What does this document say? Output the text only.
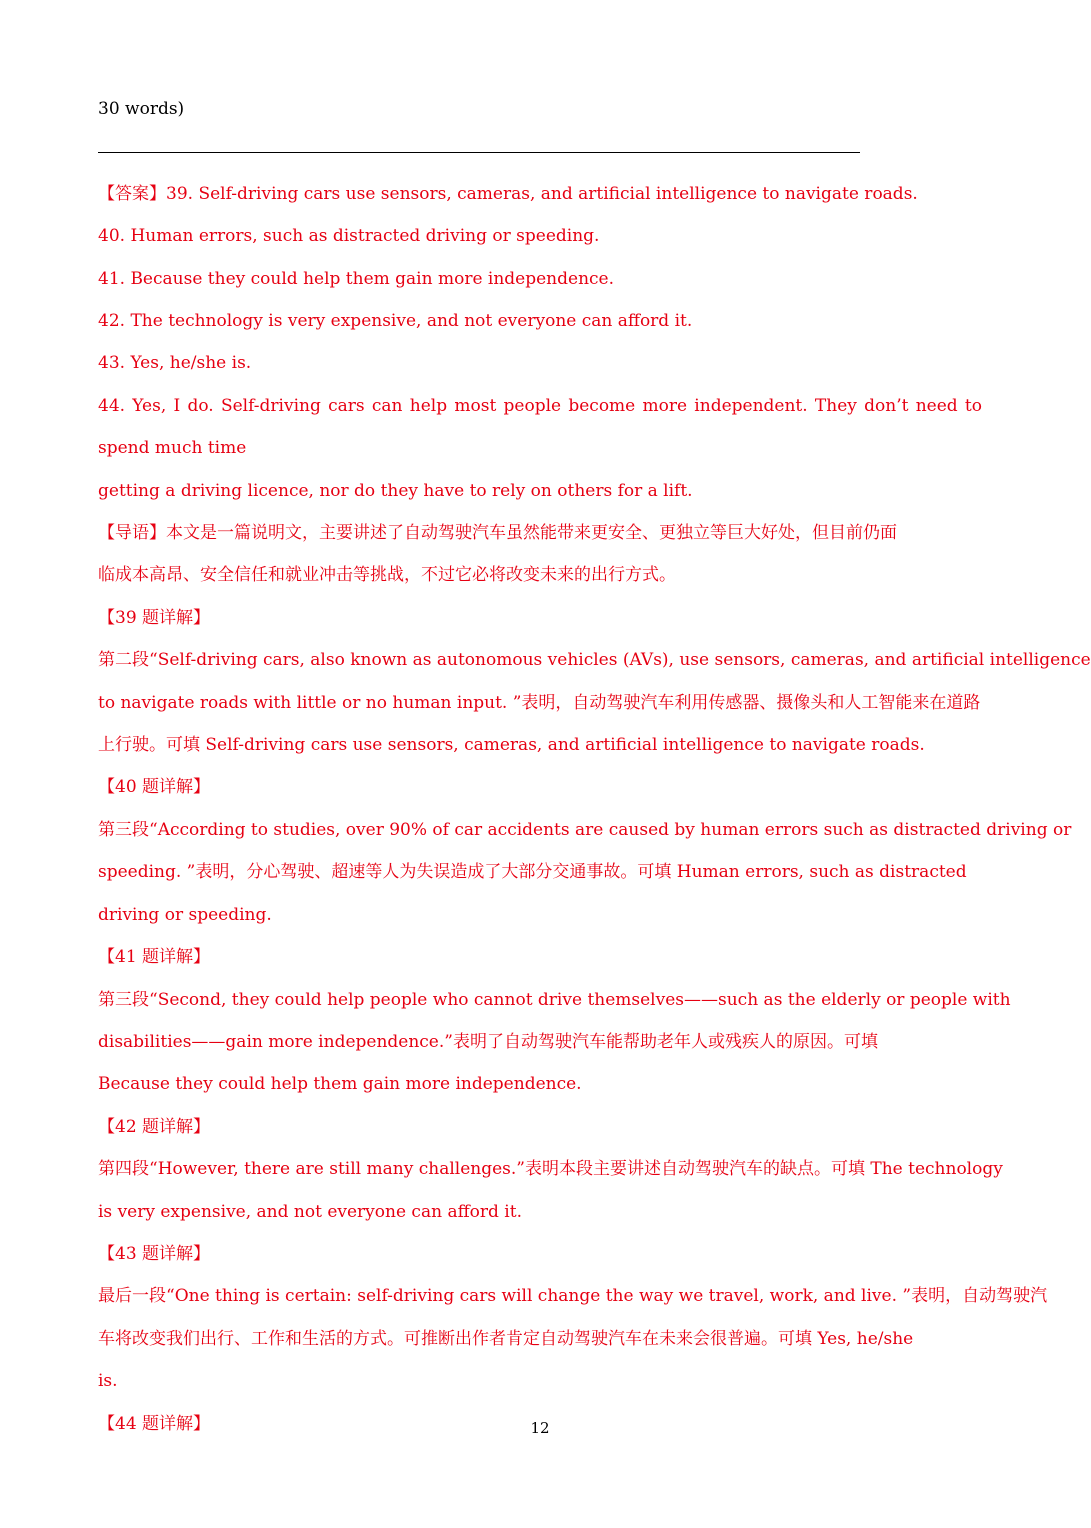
30 words)
【答案】39. Self-driving cars use sensors, cameras, and artificial intelligence to navigate roads.
40. Human errors, such as distracted driving or speeding.
41. Because they could help them gain more independence.
42. The technology is very expensive, and not everyone can afford it.
43. Yes, he/she is.
44. Yes, I do. Self-driving cars can help most people become more independent. They don’t need to spend much time
getting a driving licence, nor do they have to rely on others for a lift.
【导语】本文是一篇说明文，主要讲述了自动驾驶汽车虽然能带来更安全、更独立等巨大好处，但目前仍面
临成本高昂、安全信任和就业冲击等挑战，不过它必将改变未来的出行方式。
【39 题详解】
第二段“Self-driving cars, also known as autonomous vehicles (AVs), use sensors, cameras, and artificial intelligence
to navigate roads with little or no human input. ”表明，自动驾驶汽车利用传感器、摄像头和人工智能来在道路
上行驶。可填 Self-driving cars use sensors, cameras, and artificial intelligence to navigate roads.
【40 题详解】
第三段“According to studies, over 90% of car accidents are caused by human errors such as distracted driving or
speeding. ”表明，分心驾驶、超速等人为失误造成了大部分交通事故。可填 Human errors, such as distracted
driving or speeding.
【41 题详解】
第三段“Second, they could help people who cannot drive themselves——such as the elderly or people with
disabilities——gain more independence.”表明了自动驾驶汽车能帮助老年人或残疾人的原因。可填
Because they could help them gain more independence.
【42 题详解】
第四段“However, there are still many challenges.”表明本段主要讲述自动驾驶汽车的缺点。可填 The technology
is very expensive, and not everyone can afford it.
【43 题详解】
最后一段“One thing is certain: self-driving cars will change the way we travel, work, and live. ”表明，自动驾驶汽
车将改变我们出行、工作和生活的方式。可推断出作者肯定自动驾驶汽车在未来会很普遍。可填 Yes, he/she
is.
【44 题详解】	12
